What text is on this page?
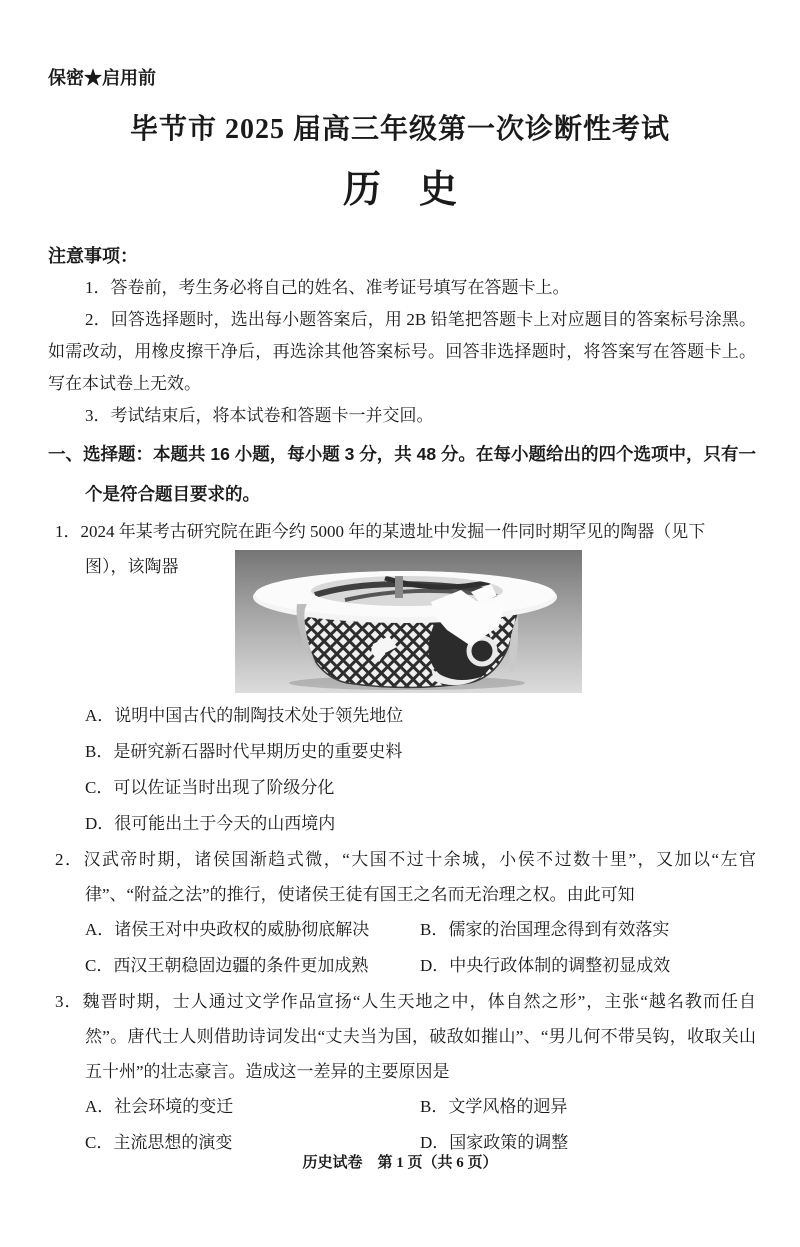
保密★启用前
毕节市 2025 届高三年级第一次诊断性考试
历　史
注意事项：

1．答卷前，考生务必将自己的姓名、准考证号填写在答题卡上。

2．回答选择题时，选出每小题答案后，用 2B 铅笔把答题卡上对应题目的答案标号涂黑。如需改动，用橡皮擦干净后，再选涂其他答案标号。回答非选择题时，将答案写在答题卡上。写在本试卷上无效。

3．考试结束后，将本试卷和答题卡一并交回。

一、选择题：本题共 16 小题，每小题 3 分，共 48 分。在每小题给出的四个选项中，只有一个是符合题目要求的。

1．2024 年某考古研究院在距今约 5000 年的某遗址中发掘一件同时期罕见的陶器（见下

图），该陶器
A．说明中国古代的制陶技术处于领先地位
B．是研究新石器时代早期历史的重要史料
C．可以佐证当时出现了阶级分化
D．很可能出土于今天的山西境内

2．汉武帝时期，诸侯国渐趋式微，“大国不过十余城，小侯不过数十里”，又加以“左官律”、“附益之法”的推行，使诸侯王徒有国王之名而无治理之权。由此可知

A．诸侯王对中央政权的威胁彻底解决	B．儒家的治国理念得到有效落实
C．西汉王朝稳固边疆的条件更加成熟	D．中央行政体制的调整初显成效

3．魏晋时期，士人通过文学作品宣扬“人生天地之中，体自然之形”，主张“越名教而任自然”。唐代士人则借助诗词发出“丈夫当为国，破敌如摧山”、“男儿何不带吴钩，收取关山五十州”的壮志豪言。造成这一差异的主要原因是

A．社会环境的变迁	B．文学风格的迥异
C．主流思想的演变	D．国家政策的调整
历史试卷　第 1 页（共 6 页）
